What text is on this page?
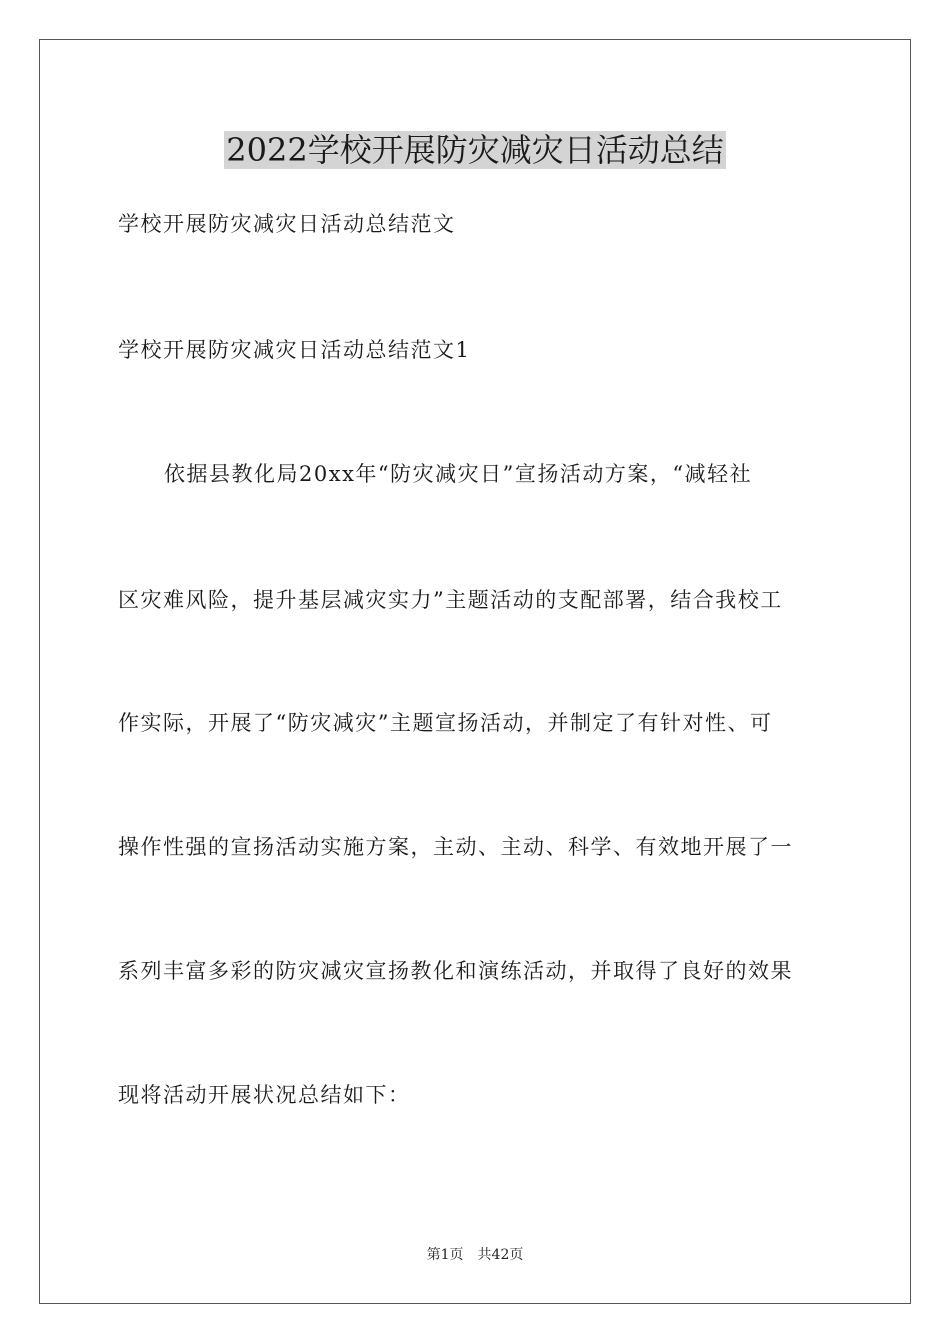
2022学校开展防灾减灾日活动总结

学校开展防灾减灾日活动总结范文

学校开展防灾减灾日活动总结范文1

依据县教化局20xx年“防灾减灾日”宣扬活动方案，“减轻社

区灾难风险，提升基层减灾实力”主题活动的支配部署，结合我校工

作实际，开展了“防灾减灾”主题宣扬活动，并制定了有针对性、可

操作性强的宣扬活动实施方案，主动、主动、科学、有效地开展了一

系列丰富多彩的防灾减灾宣扬教化和演练活动，并取得了良好的效果

现将活动开展状况总结如下：

第1页 共42页
